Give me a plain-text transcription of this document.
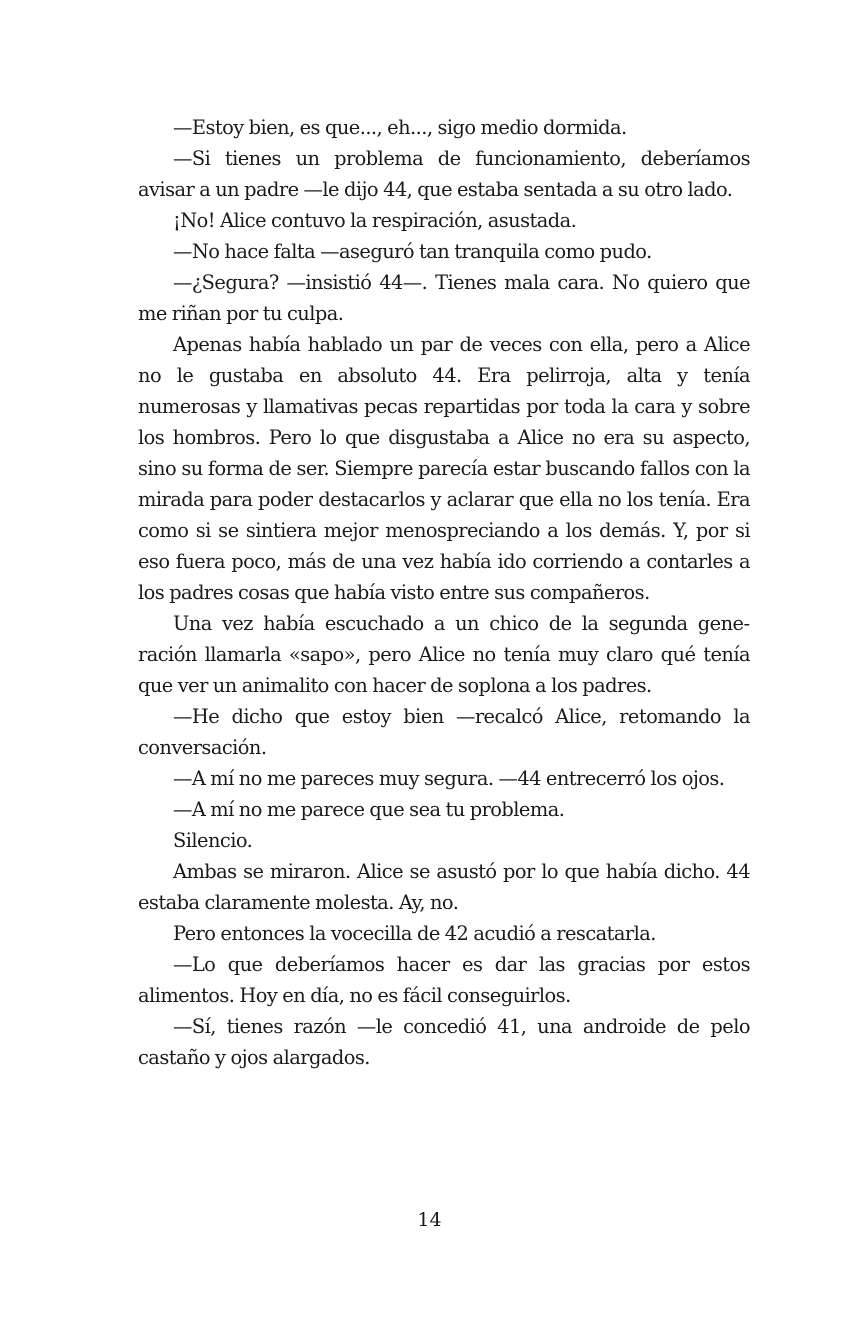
—Estoy bien, es que..., eh..., sigo medio dormida.

—Si tienes un problema de funcionamiento, deberíamos avisar a un padre —le dijo 44, que estaba sentada a su otro lado.

¡No! Alice contuvo la respiración, asustada.

—No hace falta —aseguró tan tranquila como pudo.

—¿Segura? —insistió 44—. Tienes mala cara. No quiero que me riñan por tu culpa.

Apenas había hablado un par de veces con ella, pero a Alice no le gustaba en absoluto 44. Era pelirroja, alta y tenía numerosas y llamativas pecas repartidas por toda la cara y sobre los hombros. Pero lo que disgustaba a Alice no era su aspecto, sino su forma de ser. Siempre parecía estar buscando fallos con la mirada para poder destacarlos y aclarar que ella no los tenía. Era como si se sintiera mejor menospreciando a los demás. Y, por si eso fuera poco, más de una vez había ido corriendo a contarles a los padres cosas que había visto entre sus compañeros.

Una vez había escuchado a un chico de la segunda generación llamarla «sapo», pero Alice no tenía muy claro qué tenía que ver un animalito con hacer de soplona a los padres.

—He dicho que estoy bien —recalcó Alice, retomando la conversación.

—A mí no me pareces muy segura. —44 entrecerró los ojos.

—A mí no me parece que sea tu problema.

Silencio.

Ambas se miraron. Alice se asustó por lo que había dicho. 44 estaba claramente molesta. Ay, no.

Pero entonces la vocecilla de 42 acudió a rescatarla.

—Lo que deberíamos hacer es dar las gracias por estos alimentos. Hoy en día, no es fácil conseguirlos.

—Sí, tienes razón —le concedió 41, una androide de pelo castaño y ojos alargados.

14
